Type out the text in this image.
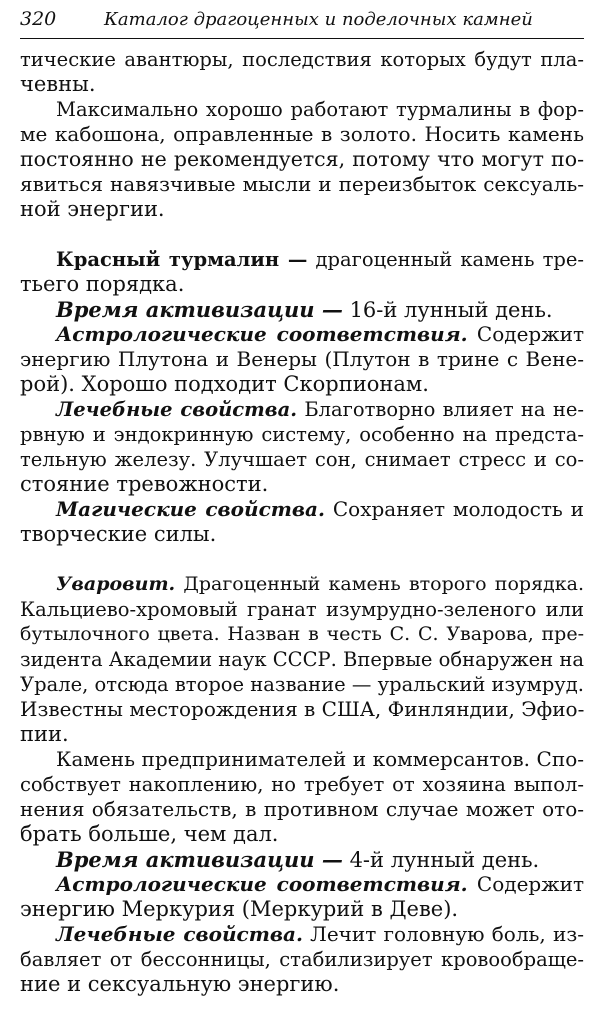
320	Каталог драгоценных и поделочных камней
тические авантюры, последствия которых будут пла-
чевны.
Максимально хорошо работают турмалины в фор-
ме кабошона, оправленные в золото. Носить камень
постоянно не рекомендуется, потому что могут по-
явиться навязчивые мысли и переизбыток сексуаль-
ной энергии.
Красный турмалин — драгоценный камень тре-
тьего порядка.
Время активизации — 16-й лунный день.
Астрологические соответствия. Содержит
энергию Плутона и Венеры (Плутон в трине с Вене-
рой). Хорошо подходит Скорпионам.
Лечебные свойства. Благотворно влияет на не-
рвную и эндокринную систему, особенно на предста-
тельную железу. Улучшает сон, снимает стресс и со-
стояние тревожности.
Магические свойства. Сохраняет молодость и
творческие силы.
Уваровит. Драгоценный камень второго порядка.
Кальциево-хромовый гранат изумрудно-зеленого или
бутылочного цвета. Назван в честь С. С. Уварова, пре-
зидента Академии наук СССР. Впервые обнаружен на
Урале, отсюда второе название — уральский изумруд.
Известны месторождения в США, Финляндии, Эфио-
пии.
Камень предпринимателей и коммерсантов. Спо-
собствует накоплению, но требует от хозяина выпол-
нения обязательств, в противном случае может ото-
брать больше, чем дал.
Время активизации — 4-й лунный день.
Астрологические соответствия. Содержит
энергию Меркурия (Меркурий в Деве).
Лечебные свойства. Лечит головную боль, из-
бавляет от бессонницы, стабилизирует кровообраще-
ние и сексуальную энергию.
